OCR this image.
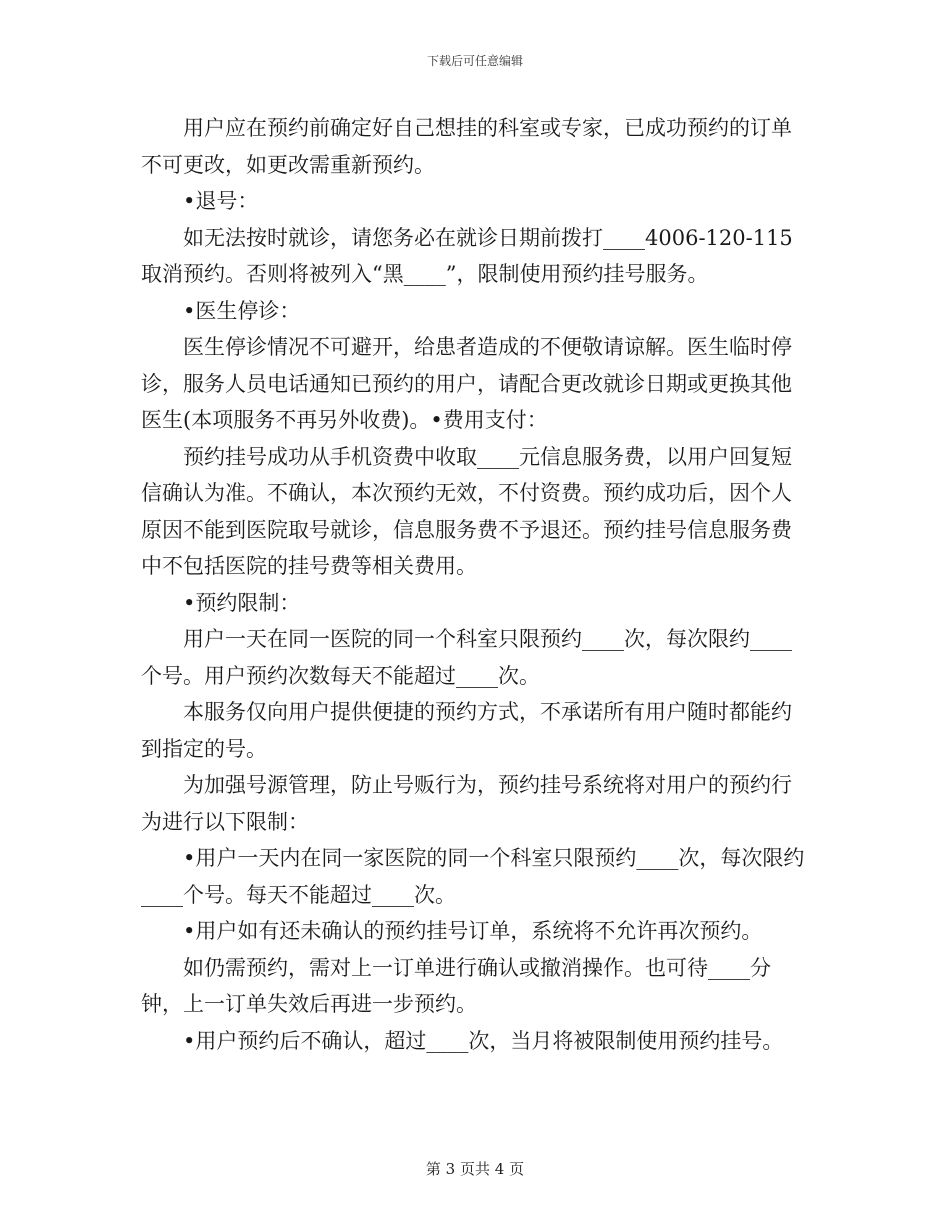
下载后可任意编辑

用户应在预约前确定好自己想挂的科室或专家，已成功预约的订单不可更改，如更改需重新预约。

•退号：

如无法按时就诊，请您务必在就诊日期前拨打____4006-120-115取消预约。否则将被列入“黑____”，限制使用预约挂号服务。

•医生停诊：

医生停诊情况不可避开，给患者造成的不便敬请谅解。医生临时停诊，服务人员电话通知已预约的用户，请配合更改就诊日期或更换其他医生(本项服务不再另外收费)。•费用支付：

预约挂号成功从手机资费中收取____元信息服务费，以用户回复短信确认为准。不确认，本次预约无效，不付资费。预约成功后，因个人原因不能到医院取号就诊，信息服务费不予退还。预约挂号信息服务费中不包括医院的挂号费等相关费用。

•预约限制：

用户一天在同一医院的同一个科室只限预约____次，每次限约____个号。用户预约次数每天不能超过____次。

本服务仅向用户提供便捷的预约方式，不承诺所有用户随时都能约到指定的号。

为加强号源管理，防止号贩行为，预约挂号系统将对用户的预约行为进行以下限制：

•用户一天内在同一家医院的同一个科室只限预约____次，每次限约____个号。每天不能超过____次。

•用户如有还未确认的预约挂号订单，系统将不允许再次预约。

如仍需预约，需对上一订单进行确认或撤消操作。也可待____分钟，上一订单失效后再进一步预约。

•用户预约后不确认，超过____次，当月将被限制使用预约挂号。

第 3 页共 4 页
